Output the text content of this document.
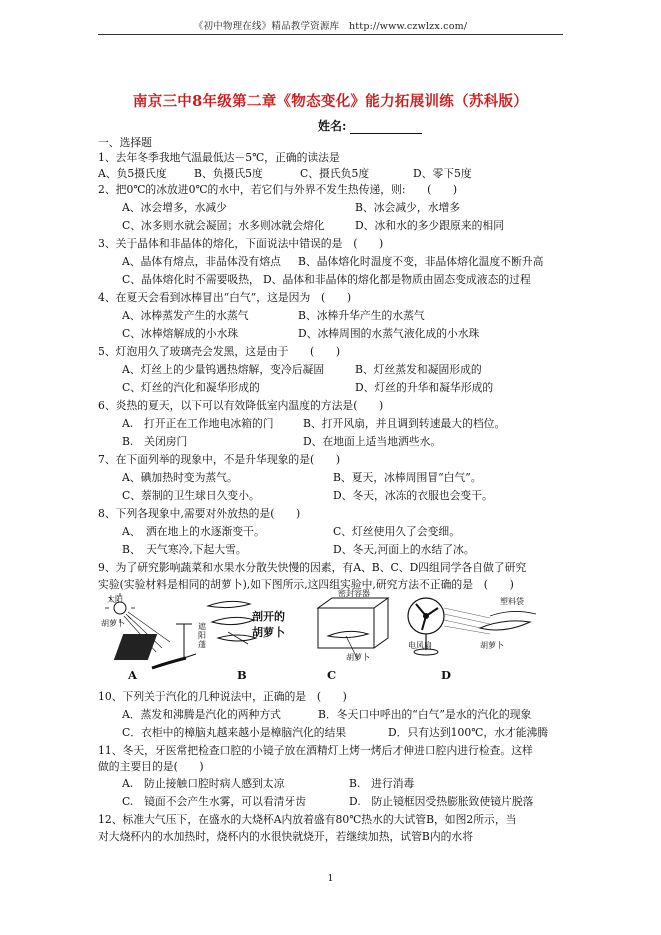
《初中物理在线》精品教学资源库　http://www.czwlzx.com/
南京三中8年级第二章《物态变化》能力拓展训练（苏科版）
姓名:
一、选择题
1、去年冬季我地气温最低达－5℃，正确的读法是
A、负5摄氏度	B、负摄氏5度	C、摄氏负5度	D、零下5度
2、把0℃的冰放进0℃的水中，若它们与外界不发生热传递，则:　　(　　)
A、冰会增多，水减少	B、冰会减少，水增多
C、冰多则水就会凝固；水多则冰就会熔化	D、冰和水的多少跟原来的相同
3、关于晶体和非晶体的熔化，下面说法中错误的是　(　　)
A、晶体有熔点，非晶体没有熔点 B、晶体熔化时温度不变，非晶体熔化温度不断升高
C、晶体熔化时不需要吸热， D、晶体和非晶体的熔化都是物质由固态变成液态的过程
4、在夏天会看到冰棒冒出“白气”，这是因为　(　　)
A、冰棒蒸发产生的水蒸气	B、冰棒升华产生的水蒸气
C、冰棒熔解成的小水珠	D、冰棒周围的水蒸气液化成的小水珠
5、灯泡用久了玻璃壳会发黑，这是由于　　(　　)
A、灯丝上的少量钨遇热熔解，变冷后凝固	B、灯丝蒸发和凝固形成的
C、灯丝的汽化和凝华形成的	D、灯丝的升华和凝华形成的
6、炎热的夏天，以下可以有效降低室内温度的方法是(　　)
A.　打开正在工作地电冰箱的门	B、打开风扇，并且调到转速最大的档位。
B.　关闭房门	D、在地面上适当地洒些水。
7、在下面列举的现象中，不是升华现象的是(　　)
A、碘加热时变为蒸气。	B、夏天，冰棒周围冒“白气”。
C、萘制的卫生球日久变小。	D、冬天，冰冻的衣服也会变干。
8、下列各现象中,需要对外放热的是(　　)
A、　洒在地上的水逐渐变干。	C、灯丝使用久了会变细。
B、　天气寒冷,下起大雪。	D、冬天,河面上的水结了冰。
9、为了研究影响蔬菜和水果水分散失快慢的因素，有A、B、C、D四组同学各自做了研究
实验(实验材料是相同的胡萝卜),如下图所示,这四组实验中,研究方法不正确的是　(　　)
太阳
胡萝卜	遮阳蓬
剖开的
胡萝卜
密封容器
胡萝卜
塑料袋
电风扇	胡萝卜
A	B	C	D
10、下列关于汽化的几种说法中，正确的是　(　　)
A．蒸发和沸腾是汽化的两种方式	B．冬天口中呼出的“白气”是水的汽化的现象
C．衣柜中的樟脑丸越来越小是樟脑汽化的结果	D．只有达到100℃，水才能沸腾
11、冬天，牙医常把检查口腔的小镜子放在酒精灯上烤一烤后才伸进口腔内进行检查。这样
做的主要目的是(　　)
A.　防止接触口腔时病人感到太凉	B.　进行消毒
C.　镜面不会产生水雾，可以看清牙齿	D.　防止镜框因受热膨胀致使镜片脱落
12、标准大气压下，在盛水的大烧杯A内放着盛有80℃热水的大试管B，如图2所示，当
对大烧杯内的水加热时，烧杯内的水很快就烧开，若继续加热，试管B内的水将
1
